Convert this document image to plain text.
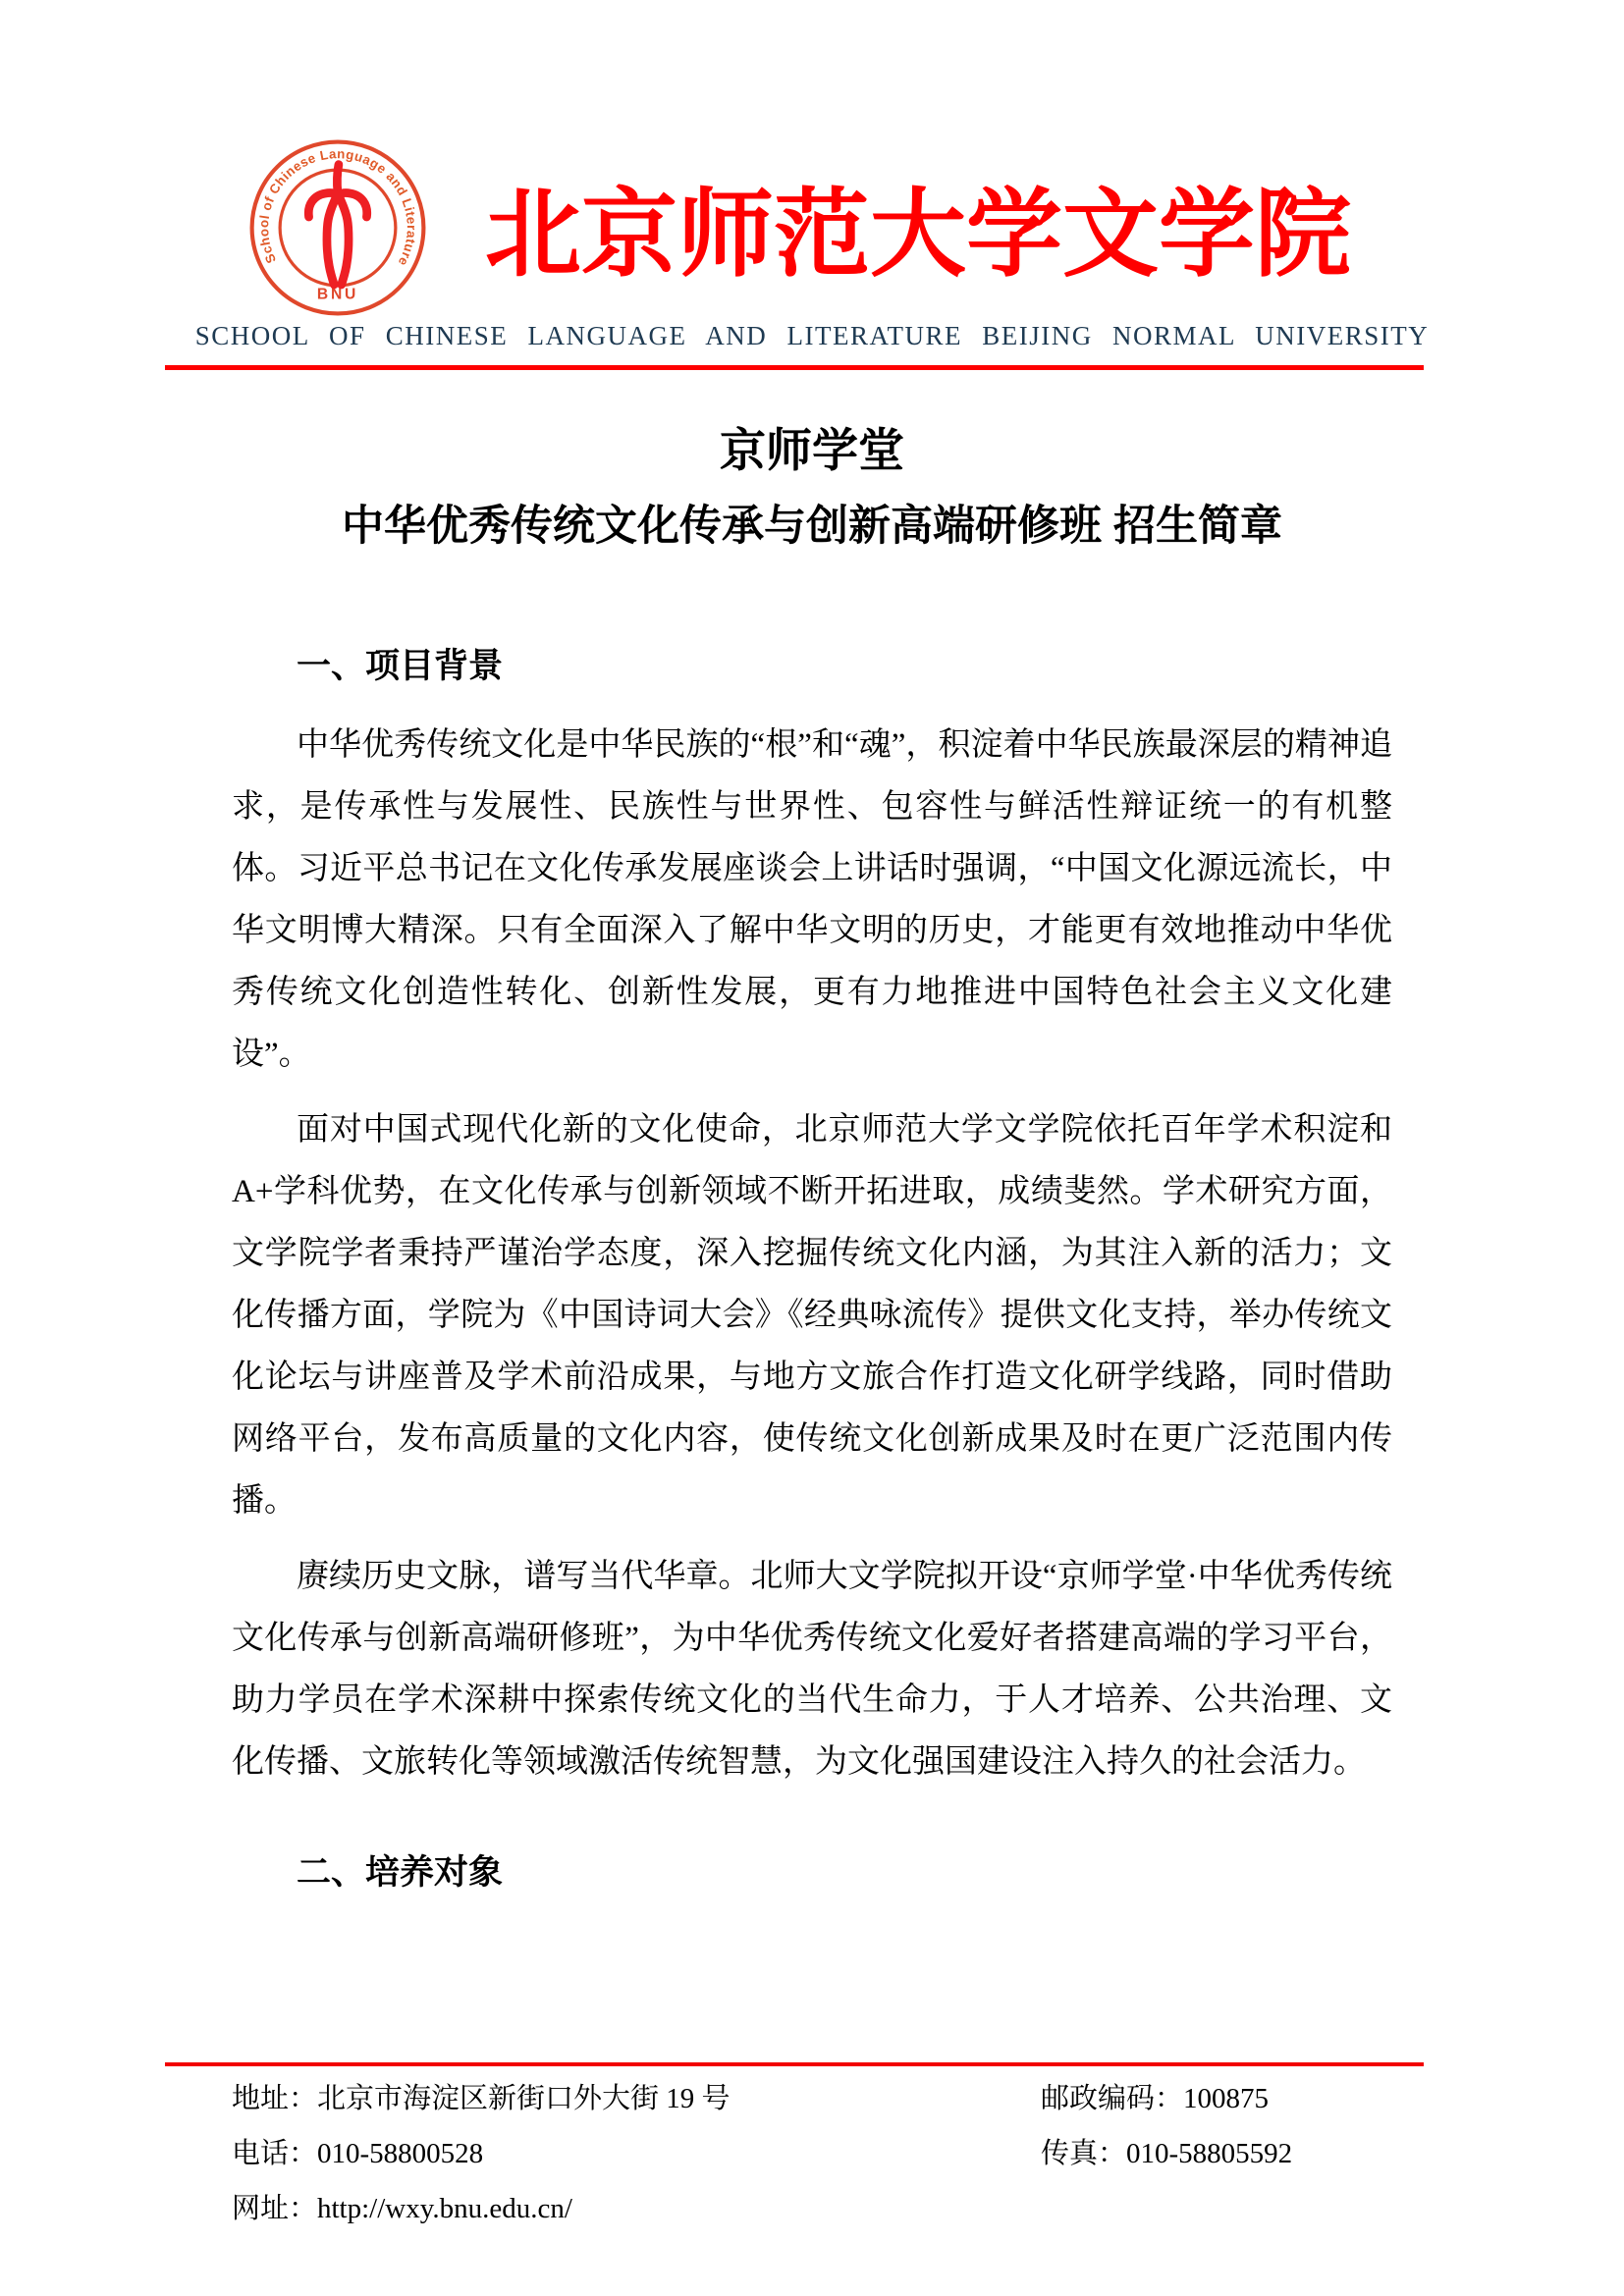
School of Chinese Language and Literature
BNU
北京师范大学文学院
SCHOOL OF CHINESE LANGUAGE AND LITERATURE BEIJING NORMAL UNIVERSITY
京师学堂
中华优秀传统文化传承与创新高端研修班 招生简章
一、项目背景

中华优秀传统文化是中华民族的“根”和“魂”，积淀着中华民族最深层的精神追求，是传承性与发展性、民族性与世界性、包容性与鲜活性辩证统一的有机整体。习近平总书记在文化传承发展座谈会上讲话时强调，“中国文化源远流长，中华文明博大精深。只有全面深入了解中华文明的历史，才能更有效地推动中华优秀传统文化创造性转化、创新性发展，更有力地推进中国特色社会主义文化建设”。

面对中国式现代化新的文化使命，北京师范大学文学院依托百年学术积淀和A+学科优势，在文化传承与创新领域不断开拓进取，成绩斐然。学术研究方面，文学院学者秉持严谨治学态度，深入挖掘传统文化内涵，为其注入新的活力；文化传播方面，学院为《中国诗词大会》《经典咏流传》提供文化支持，举办传统文化论坛与讲座普及学术前沿成果，与地方文旅合作打造文化研学线路，同时借助网络平台，发布高质量的文化内容，使传统文化创新成果及时在更广泛范围内传播。

赓续历史文脉，谱写当代华章。北师大文学院拟开设“京师学堂·中华优秀传统文化传承与创新高端研修班”，为中华优秀传统文化爱好者搭建高端的学习平台，助力学员在学术深耕中探索传统文化的当代生命力，于人才培养、公共治理、文化传播、文旅转化等领域激活传统智慧，为文化强国建设注入持久的社会活力。

二、培养对象
地址：北京市海淀区新街口外大街 19 号	邮政编码：100875
电话：010-58800528	传真：010-58805592
网址：http://wxy.bnu.edu.cn/
